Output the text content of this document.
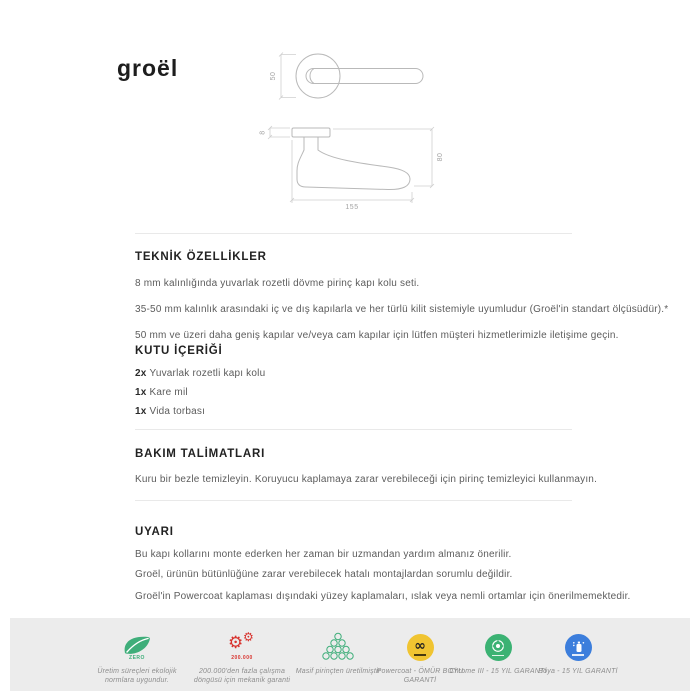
groël	50
8
80
155
TEKNİK ÖZELLİKLER
8 mm kalınlığında yuvarlak rozetli dövme pirinç kapı kolu seti.
35-50 mm kalınlık arasındaki iç ve dış kapılarla ve her türlü kilit sistemiyle uyumludur (Groël'in standart ölçüsüdür).*
50 mm ve üzeri daha geniş kapılar ve/veya cam kapılar için lütfen müşteri hizmetlerimizle iletişime geçin.
KUTU İÇERİĞİ
2x Yuvarlak rozetli kapı kolu
1x Kare mil
1x Vida torbası
BAKIM TALİMATLARI
Kuru bir bezle temizleyin. Koruyucu kaplamaya zarar verebileceği için pirinç temizleyici kullanmayın.
UYARI
Bu kapı kollarını monte ederken her zaman bir uzmandan yardım almanız önerilir.
Groël, ürünün bütünlüğüne zarar verebilecek hatalı montajlardan sorumlu değildir.
Groël'in Powercoat kaplaması dışındaki yüzey kaplamaları, ıslak veya nemli ortamlar için önerilmemektedir.
ZERO
Üretim süreçleri ekolojik normlara uygundur.
⚙ ⚙
200.000
200.000'den fazla çalışma döngüsü için mekanik garanti
Masif pirinçten üretilmiştir
∞
Powercoat - ÖMÜR BOYU GARANTİ
Chrome III - 15 YIL GARANTİ
Boya - 15 YIL GARANTİ
